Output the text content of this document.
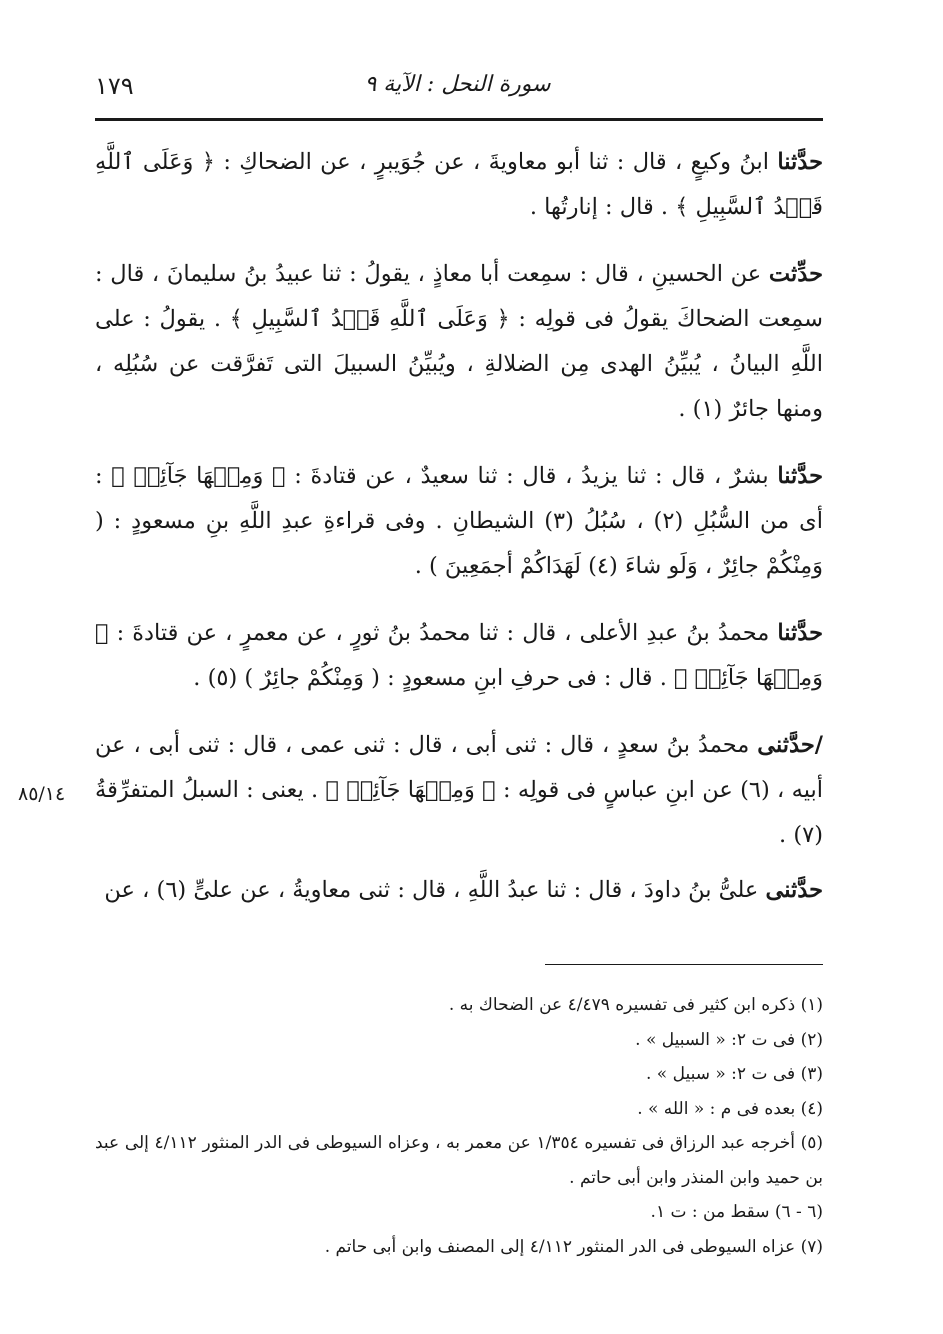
١٧٩	سورة النحل : الآية ٩

حدَّثنا ابنُ وكيعٍ ، قال : ثنا أبو معاويةَ ، عن جُوَيبرٍ ، عن الضحاكِ : ﴿ وَعَلَى ٱللَّهِ قَصۡدُ ٱلسَّبِيلِ ﴾ . قال : إنارتُها .

حدِّثت عن الحسينِ ، قال : سمِعت أبا معاذٍ ، يقولُ : ثنا عبيدُ بنُ سليمانَ ، قال : سمِعت الضحاكَ يقولُ فى قولِه : ﴿ وَعَلَى ٱللَّهِ قَصۡدُ ٱلسَّبِيلِ ﴾ . يقولُ : على اللَّهِ البيانُ ، يُبيِّنُ الهدى مِن الضلالةِ ، ويُبيِّنُ السبيلَ التى تَفرَّقت عن سُبُلِه ، ومنها جائرٌ (١) .

حدَّثنا بشرٌ ، قال : ثنا يزيدُ ، قال : ثنا سعيدٌ ، عن قتادةَ : ﴿ وَمِنۡهَا جَآئِرٞ ﴾ : أى من السُّبُلِ (٢) ، سُبُلُ (٣) الشيطانِ . وفى قراءةِ عبدِ اللَّهِ بنِ مسعودٍ : ( وَمِنْكُمْ جائِرٌ ، وَلَو شاءَ (٤) لَهَدَاكُمْ أجمَعِينَ ) .

حدَّثنا محمدُ بنُ عبدِ الأعلى ، قال : ثنا محمدُ بنُ ثورٍ ، عن معمرٍ ، عن قتادةَ : ﴿ وَمِنۡهَا جَآئِرٞ ﴾ . قال : فى حرفِ ابنِ مسعودٍ : ( وَمِنْكُمْ جائِرٌ ) (٥) .

/حدَّثنى محمدُ بنُ سعدٍ ، قال : ثنى أبى ، قال : ثنى عمى ، قال : ثنى أبى ، عن أبيه ، (٦) عن ابنِ عباسٍ فى قولِه : ﴿ وَمِنۡهَا جَآئِرٞ ﴾ . يعنى : السبلُ المتفرِّقةُ (٧) .

حدَّثنى علىُّ بنُ داودَ ، قال : ثنا عبدُ اللَّهِ ، قال : ثنى معاويةُ ، عن علىٍّ (٦) ، عن

٨٥/١٤

(١) ذكره ابن كثير فى تفسيره ٤/٤٧٩ عن الضحاك به .

(٢) فى ت ٢: « السبيل » .

(٣) فى ت ٢: « سبيل » .

(٤) بعده فى م : « الله » .

(٥) أخرجه عبد الرزاق فى تفسيره ١/٣٥٤ عن معمر به ، وعزاه السيوطى فى الدر المنثور ٤/١١٢ إلى عبد بن حميد وابن المنذر وابن أبى حاتم .

(٦ - ٦) سقط من : ت ١.

(٧) عزاه السيوطى فى الدر المنثور ٤/١١٢ إلى المصنف وابن أبى حاتم .
